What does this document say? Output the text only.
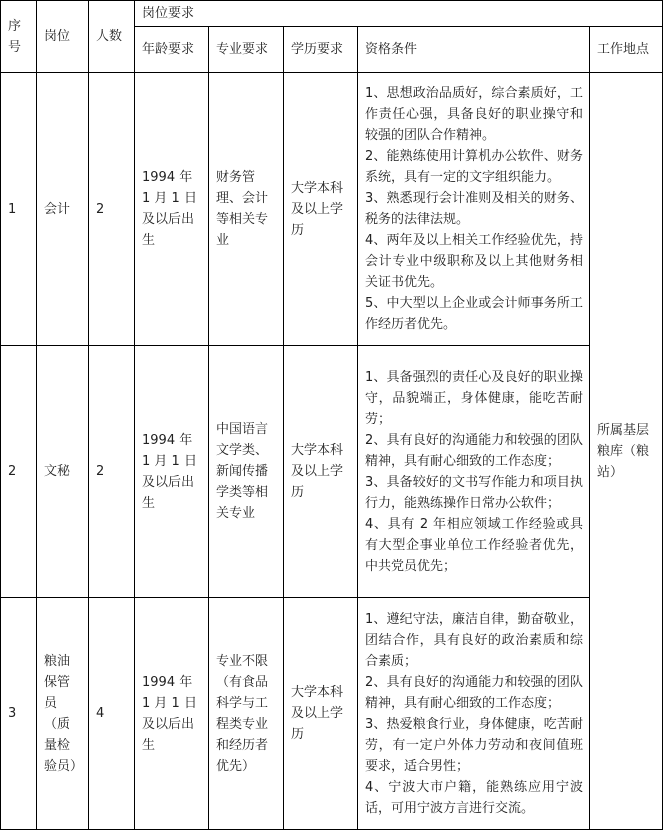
序号	岗位	人数	岗位要求				
			年龄要求	专业要求	学历要求	资格条件	工作地点
1	会计	2	1994 年 1 月 1 日及以后出生	财务管理、会计等相关专业	大学本科及以上学历	1、思想政治品质好，综合素质好，工作责任心强，具备良好的职业操守和较强的团队合作精神。
2、能熟练使用计算机办公软件、财务系统，具有一定的文字组织能力。
3、熟悉现行会计准则及相关的财务、税务的法律法规。
4、两年及以上相关工作经验优先，持会计专业中级职称及以上其他财务相关证书优先。
5、中大型以上企业或会计师事务所工作经历者优先。	所属基层粮库（粮站）
2	文秘	2	1994 年 1 月 1 日及以后出生	中国语言文学类、新闻传播学类等相关专业	大学本科及以上学历	1、具备强烈的责任心及良好的职业操守，品貌端正，身体健康，能吃苦耐劳；
2、具有良好的沟通能力和较强的团队精神，具有耐心细致的工作态度；
3、具备较好的文书写作能力和项目执行力，能熟练操作日常办公软件；
4、具有 2 年相应领域工作经验或具有大型企事业单位工作经验者优先，中共党员优先；	

3	粮油保管员（质量检验员）	4	1994 年 1 月 1 日及以后出生	专业不限（有食品科学与工程类专业和经历者优先）	大学本科及以上学历	1、遵纪守法，廉洁自律，勤奋敬业，团结合作，具有良好的政治素质和综合素质；
2、具有良好的沟通能力和较强的团队精神，具有耐心细致的工作态度；
3、热爱粮食行业，身体健康，吃苦耐劳，有一定户外体力劳动和夜间值班要求，适合男性；
4、宁波大市户籍，能熟练应用宁波话，可用宁波方言进行交流。	
